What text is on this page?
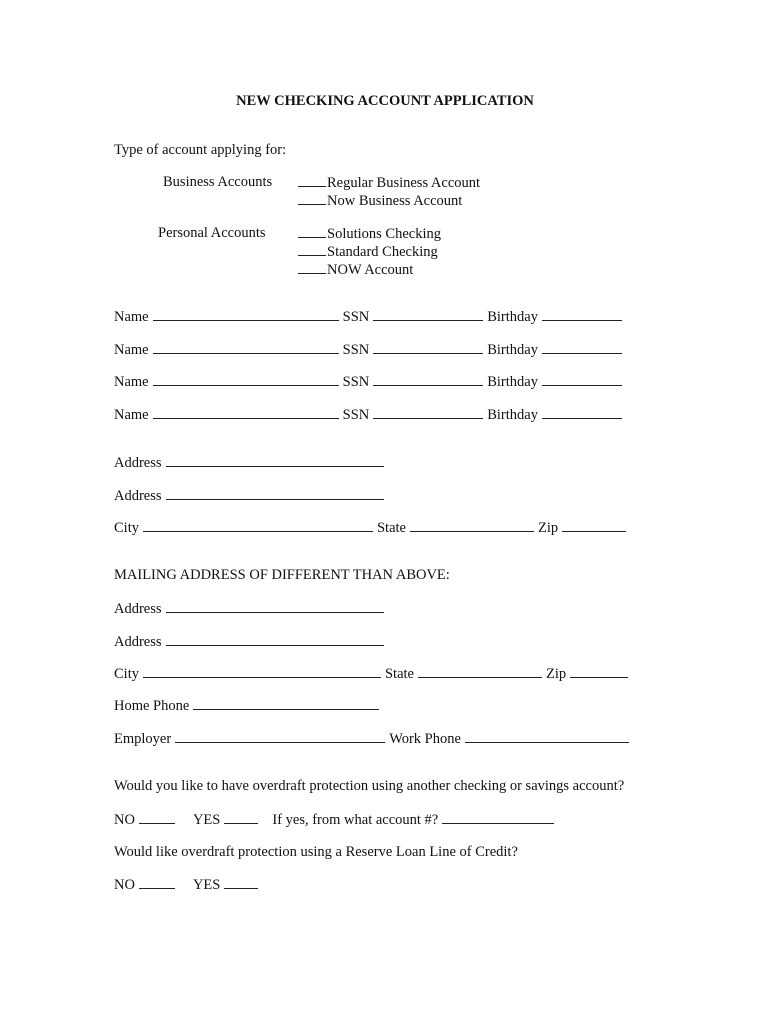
NEW CHECKING ACCOUNT APPLICATION
Type of account applying for:
Business Accounts	Regular Business Account
Now Business Account
Personal Accounts	Solutions Checking
Standard Checking
NOW Account
Name	SSN	Birthday
Name	SSN	Birthday
Name	SSN	Birthday
Name	SSN	Birthday
Address
Address
City	State	Zip
MAILING ADDRESS OF DIFFERENT THAN ABOVE:
Address
Address
City	State	Zip
Home Phone
Employer	Work Phone
Would you like to have overdraft protection using another checking or savings account?
NO	YES	If yes, from what account #?
Would like overdraft protection using a Reserve Loan Line of Credit?
NO	YES
